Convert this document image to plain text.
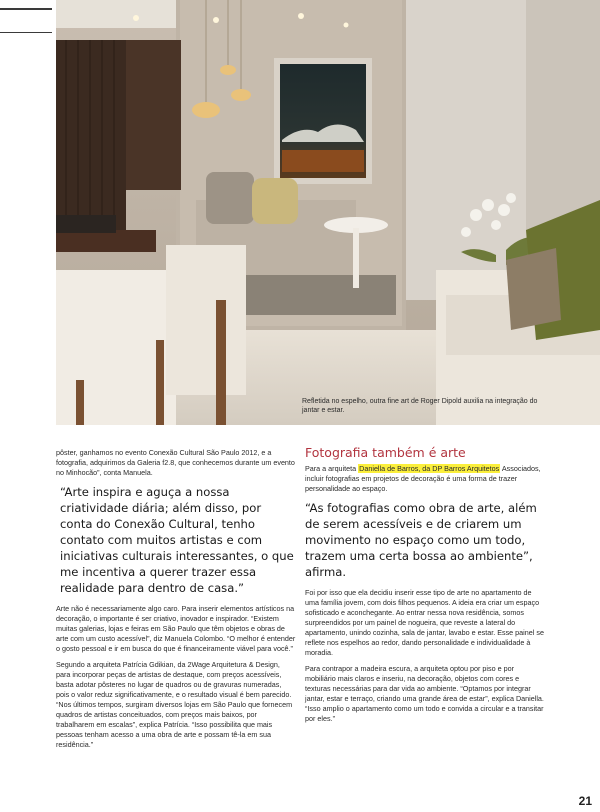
Refletida no espelho, outra fine art de Roger Dipold auxilia na integração do jantar e estar.

pôster, ganhamos no evento Conexão Cultural São Paulo 2012, e a fotografia, adquirimos da Galeria f2.8, que conhecemos durante um evento no Minhocão”, conta Manuela.

“Arte inspira e aguça a nossa criatividade diária; além disso, por conta do Conexão Cultural, tenho contato com muitos artistas e com iniciativas culturais interessantes, o que me incentiva a querer trazer essa realidade para dentro de casa.”

Arte não é necessariamente algo caro. Para inserir elementos artísticos na decoração, o importante é ser criativo, inovador e inspirador. “Existem muitas galerias, lojas e feiras em São Paulo que têm objetos e obras de arte com um custo acessível”, diz Manuela Colombo. “O melhor é entender o gosto pessoal e ir em busca do que é financeiramente viável para você.”

Segundo a arquiteta Patrícia Gdikian, da 2Wage Arquitetura & Design, para incorporar peças de artistas de destaque, com preços acessíveis, basta adotar pôsteres no lugar de quadros ou de gravuras numeradas, pois o valor reduz significativamente, e o resultado visual é bem parecido. “Nos últimos tempos, surgiram diversos lojas em São Paulo que fornecem quadros de artistas conceituados, com preços mais baixos, por trabalharem em escalas”, explica Patrícia. “Isso possibilita que mais pessoas tenham acesso a uma obra de arte e possam tê-la em sua residência.”

Fotografia também é arte

Para a arquiteta Daniella de Barros, da DP Barros Arquitetos Associados, incluir fotografias em projetos de decoração é uma forma de trazer personalidade ao espaço.

“As fotografias como obra de arte, além de serem acessíveis e de criarem um movimento no espaço como um todo, trazem uma certa bossa ao ambiente”, afirma.

Foi por isso que ela decidiu inserir esse tipo de arte no apartamento de uma família jovem, com dois filhos pequenos. A ideia era criar um espaço sofisticado e aconchegante. Ao entrar nessa nova residência, somos surpreendidos por um painel de nogueira, que reveste a lateral do apartamento, unindo cozinha, sala de jantar, lavabo e estar. Esse painel se reflete nos espelhos ao redor, dando personalidade e individualidade à moradia.

Para contrapor a madeira escura, a arquiteta optou por piso e por mobiliário mais claros e inseriu, na decoração, objetos com cores e texturas necessárias para dar vida ao ambiente. “Optamos por integrar jantar, estar e terraço, criando uma grande área de estar”, explica Daniella. “Isso amplio o apartamento como um todo e convida a circular e a transitar por eles.”

21
